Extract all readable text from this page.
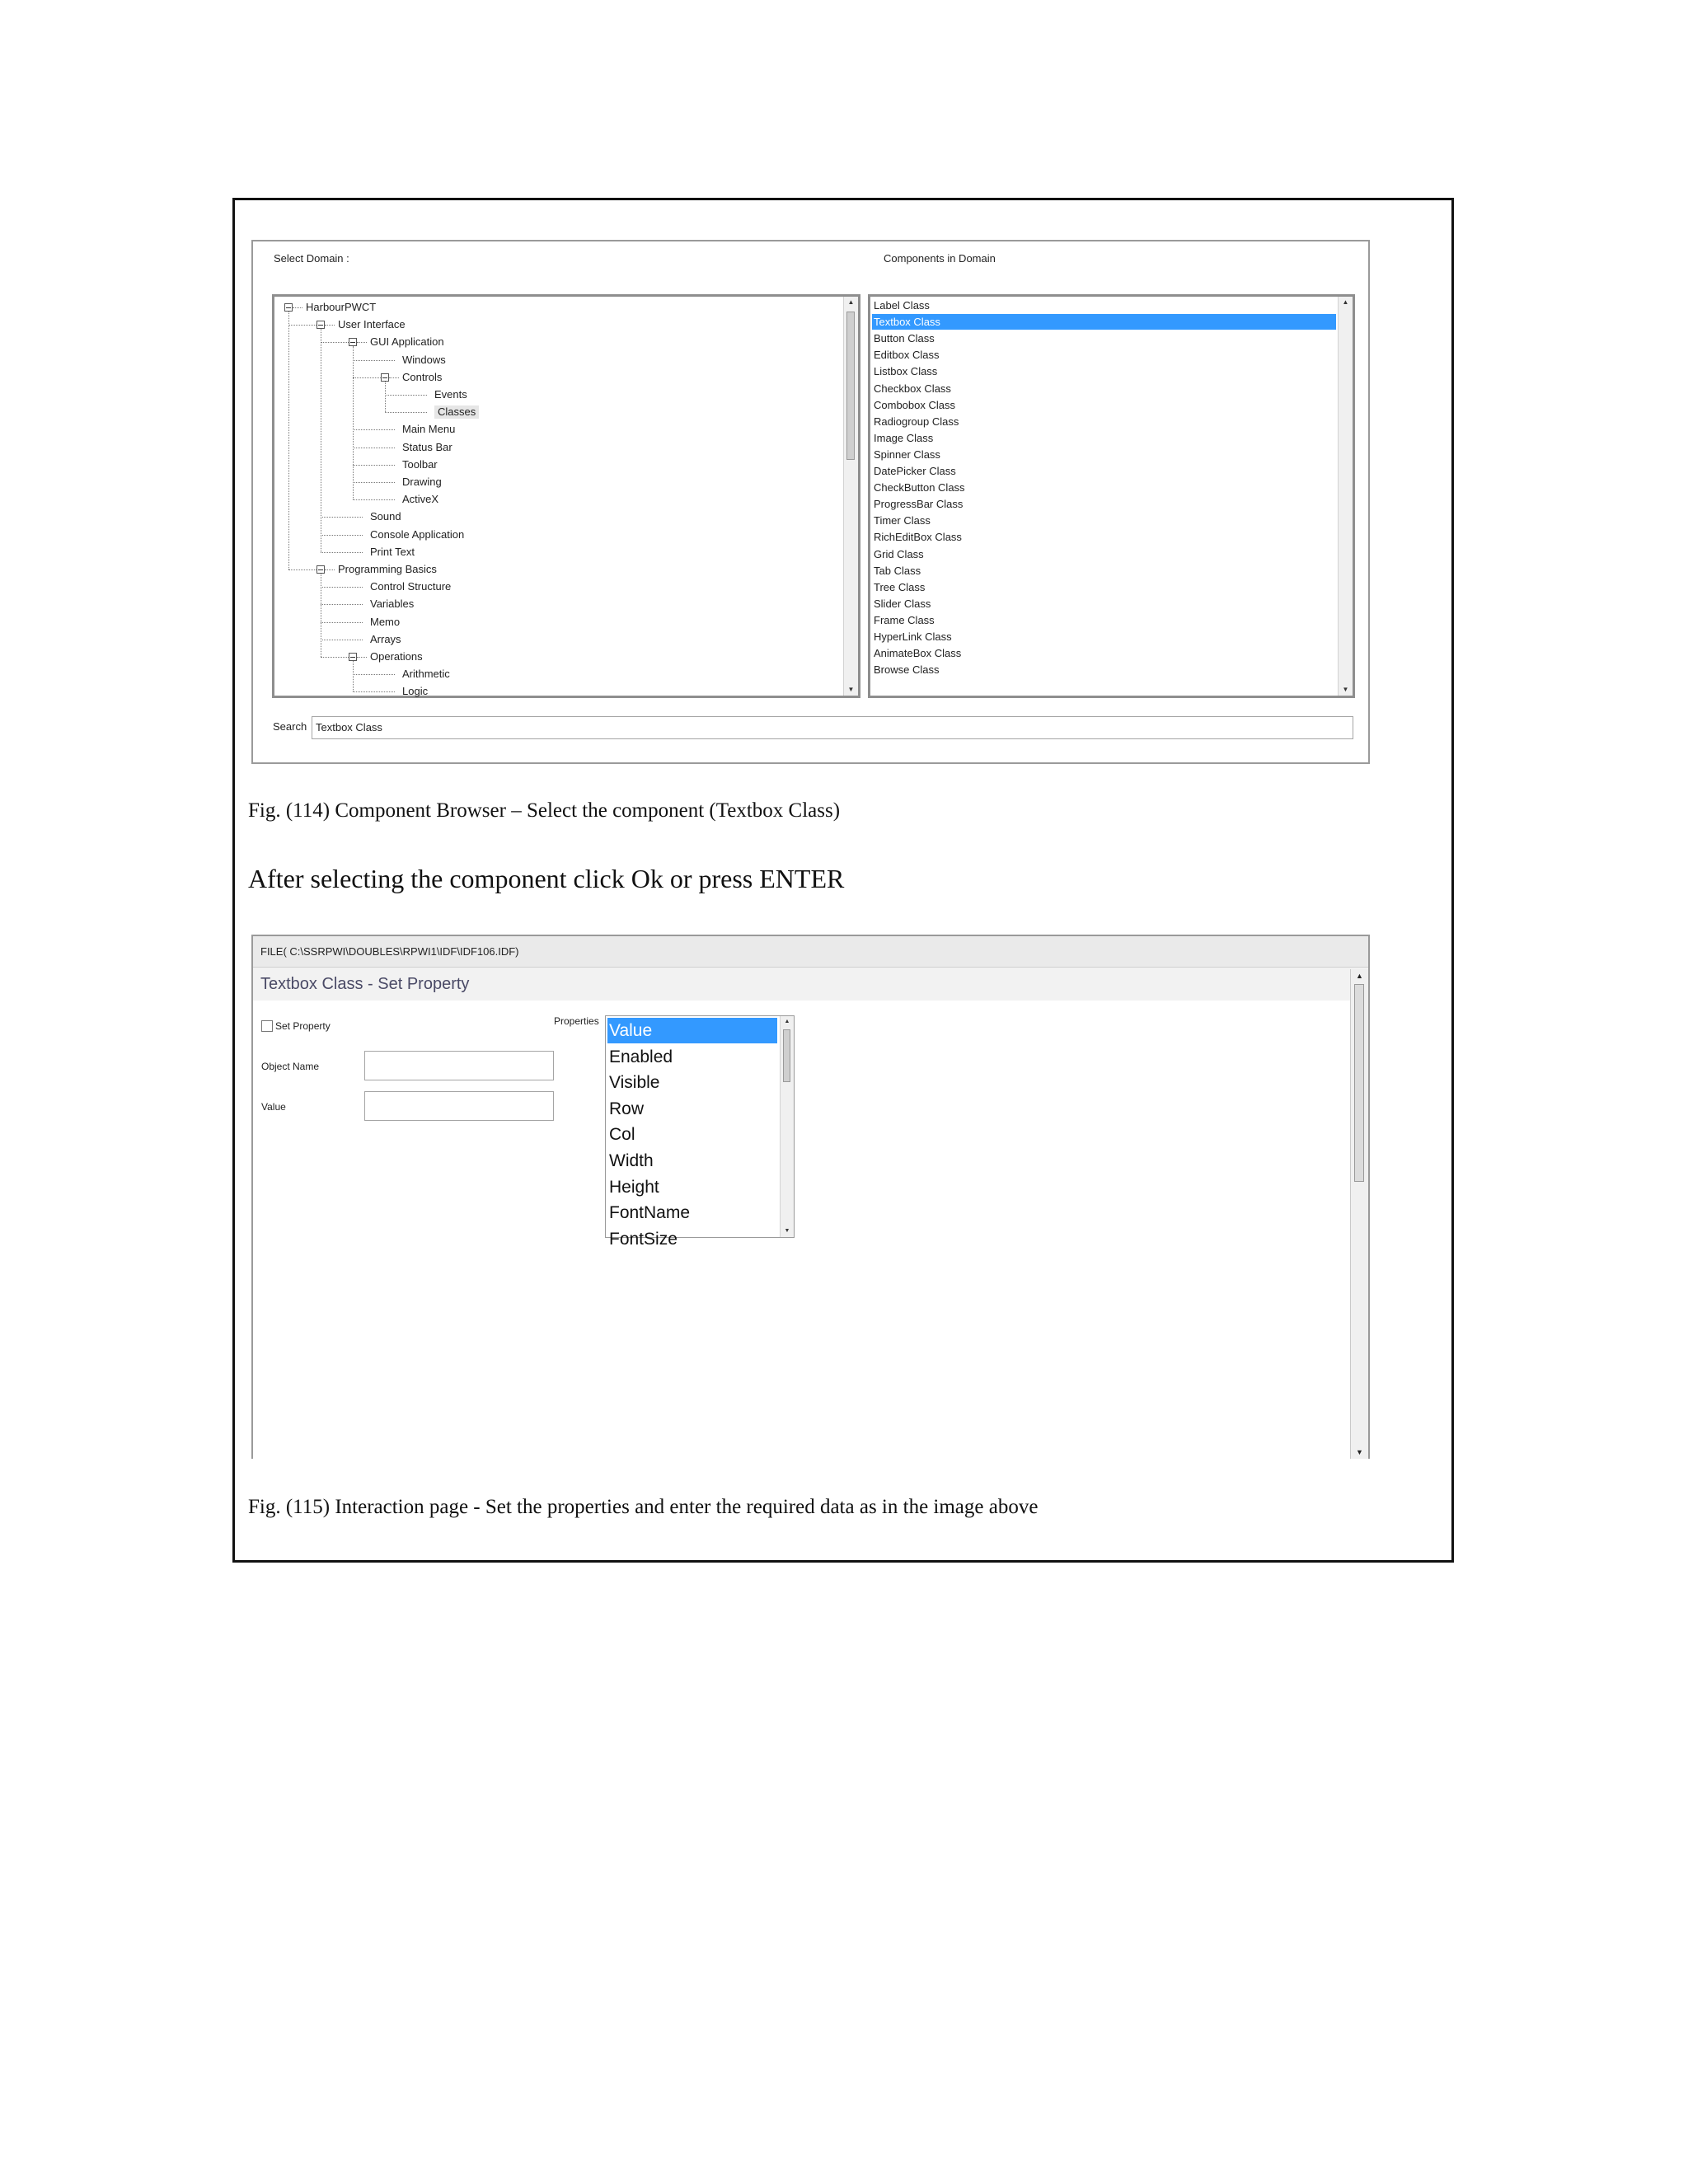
Select Domain :	Components in Domain
HarbourPWCT
User Interface
GUI Application
Windows
Controls
Events
Classes
Main Menu
Status Bar
Toolbar
Drawing
ActiveX
Sound
Console Application
Print Text
Programming Basics
Control Structure
Variables
Memo
Arrays
Operations
Arithmetic
Logic
▲
▼
Label Class
Textbox Class
Button Class
Editbox Class
Listbox Class
Checkbox Class
Combobox Class
Radiogroup Class
Image Class
Spinner Class
DatePicker Class
CheckButton Class
ProgressBar Class
Timer Class
RichEditBox Class
Grid Class
Tab Class
Tree Class
Slider Class
Frame Class
HyperLink Class
AnimateBox Class
Browse Class
▲
▼
Search Textbox Class
Fig. (114) Component Browser – Select the component (Textbox Class)
After selecting the component click Ok or press ENTER
FILE( C:\SSRPWI\DOUBLES\RPWI1\IDF\IDF106.IDF)
Textbox Class - Set Property	▲
▼
Set Property
Object Name
Value
Properties Value
Enabled
Visible
Row
Col
Width
Height
FontName
FontSize
▲
▼
Fig. (115) Interaction page - Set the properties and enter the required data as in the image above
